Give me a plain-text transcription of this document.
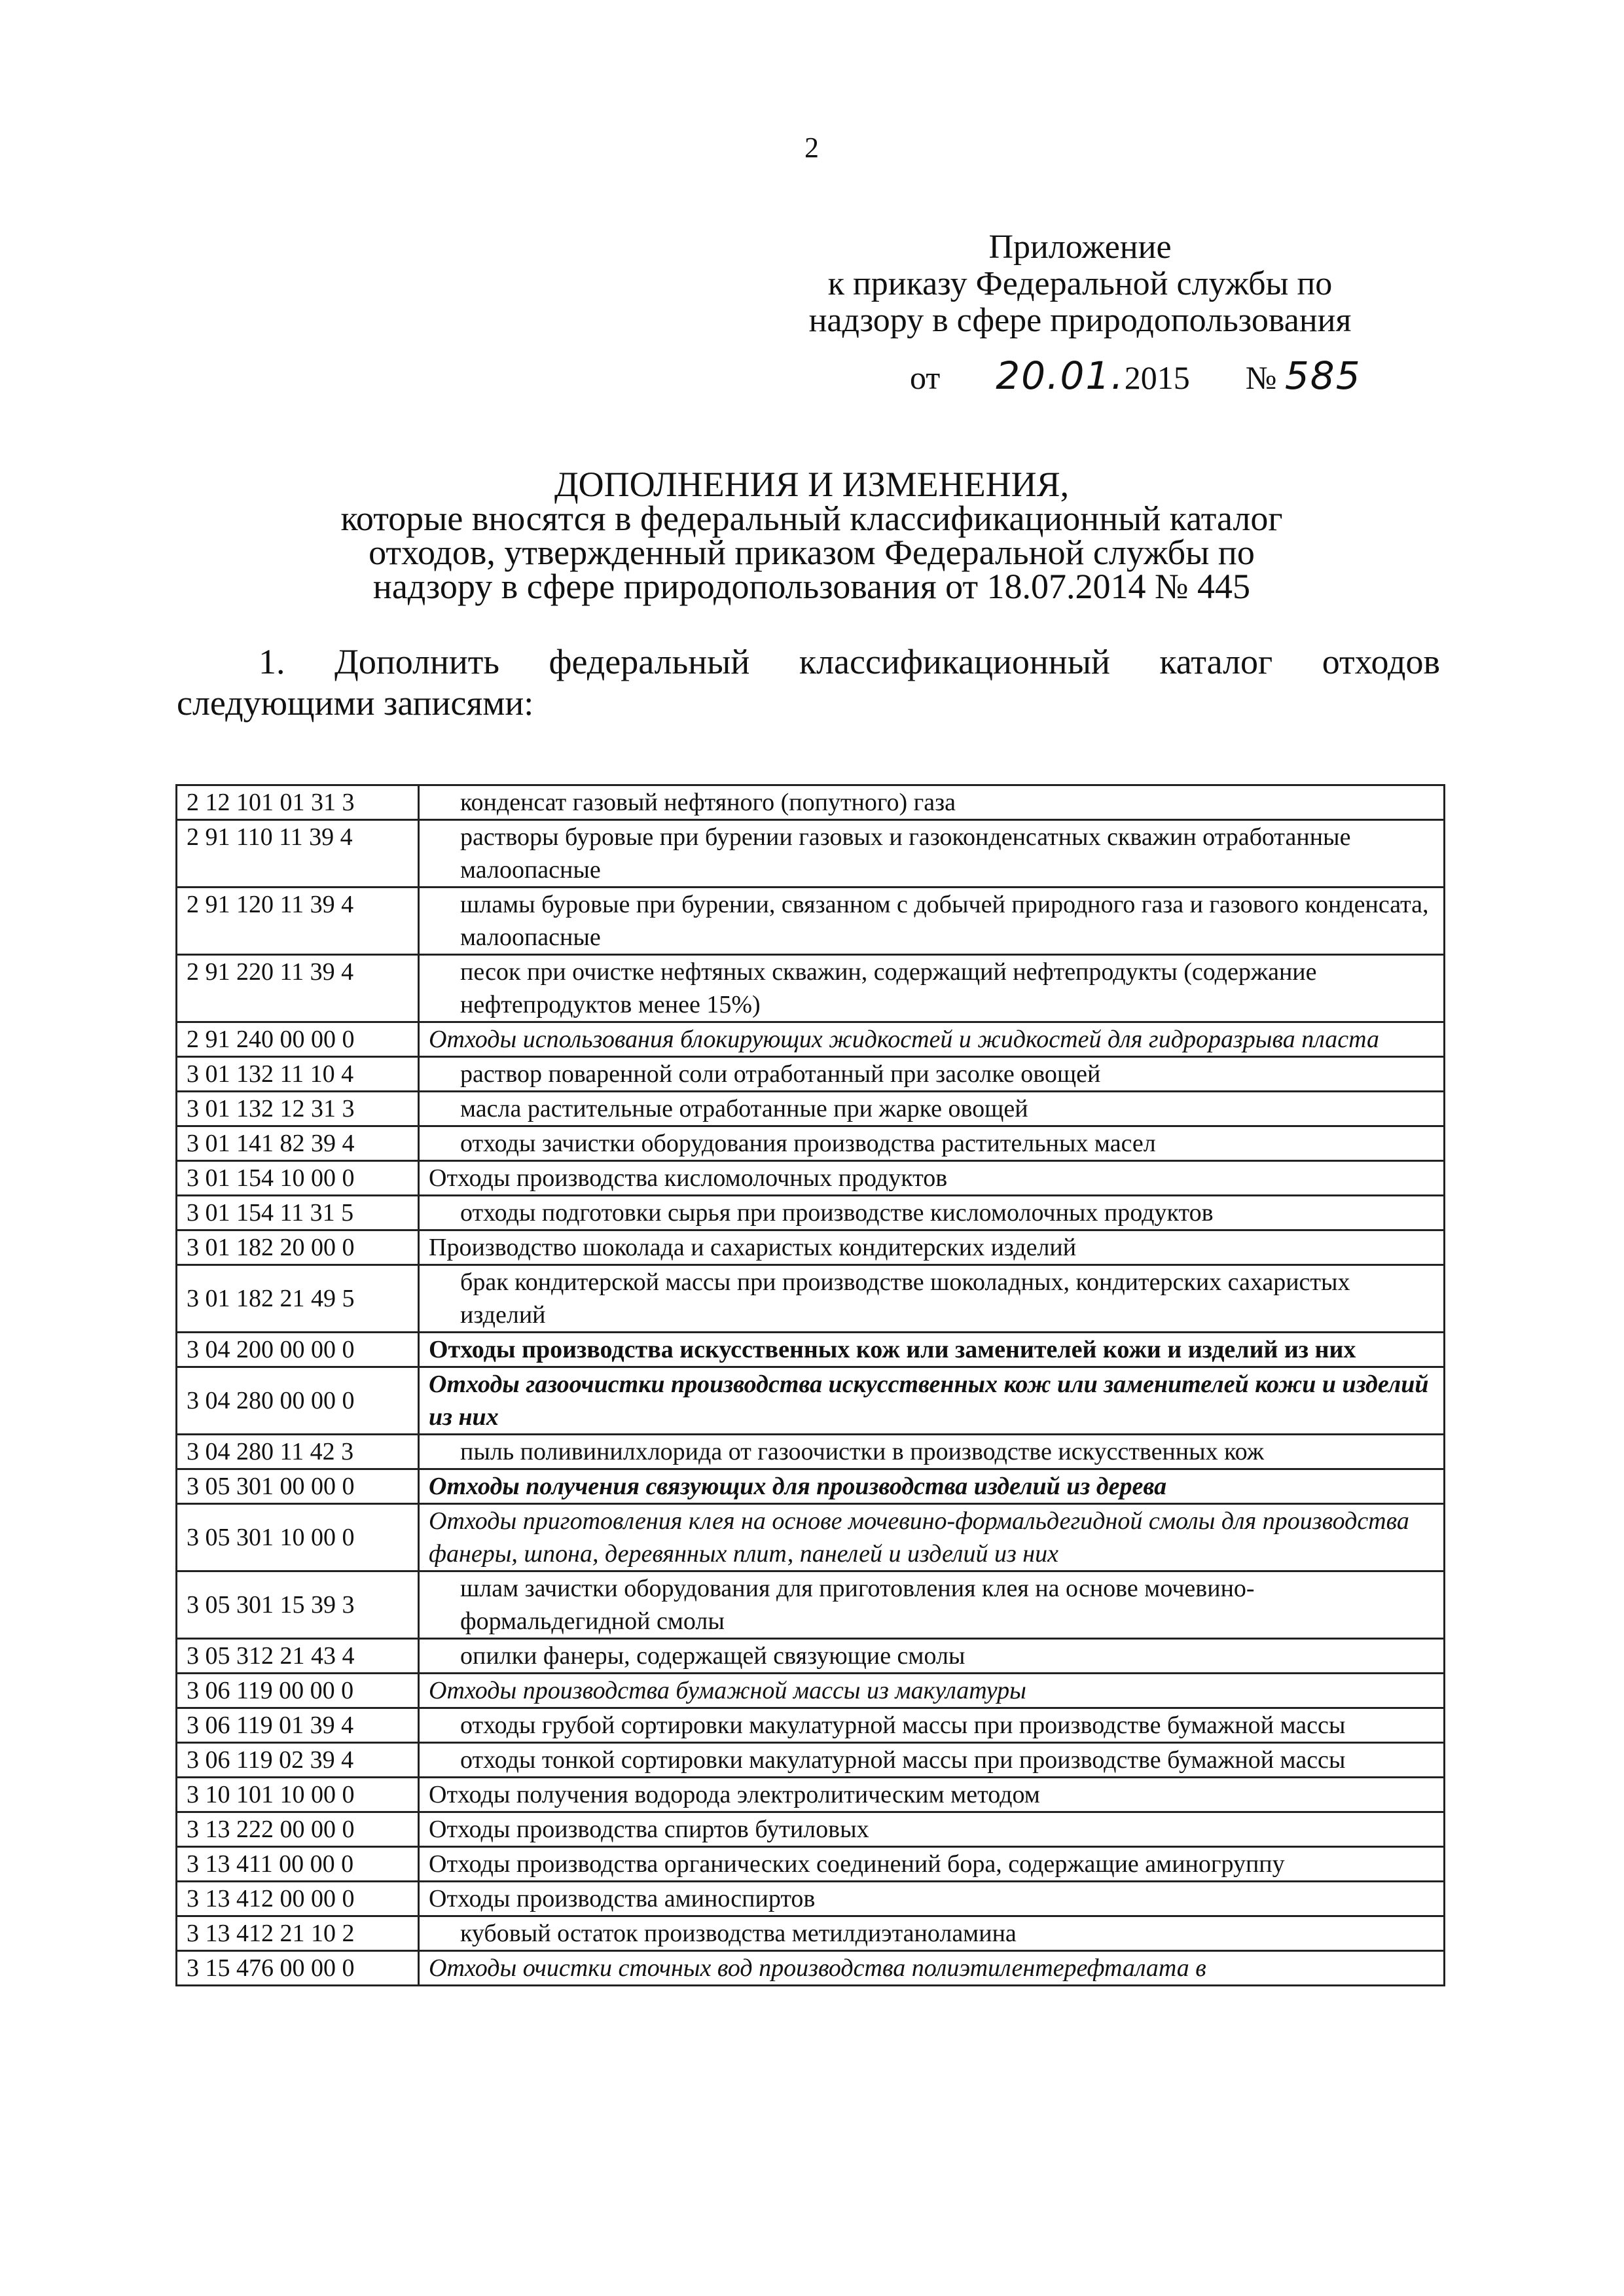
2
Приложение
к приказу Федеральной службы по
надзору в сфере природопользования
от 20.01.2015 № 585
ДОПОЛНЕНИЯ И ИЗМЕНЕНИЯ,
которые вносятся в федеральный классификационный каталог
отходов, утвержденный приказом Федеральной службы по
надзору в сфере природопользования от 18.07.2014 № 445
1. Дополнить федеральный классификационный каталог отходов
следующими записями:
2 12 101 01 31 3	конденсат газовый нефтяного (попутного) газа
2 91 110 11 39 4	растворы буровые при бурении газовых и газоконденсатных скважин отработанные малоопасные
2 91 120 11 39 4	шламы буровые при бурении, связанном с добычей природного газа и газового конденсата, малоопасные
2 91 220 11 39 4	песок при очистке нефтяных скважин, содержащий нефтепродукты (содержание нефтепродуктов менее 15%)
2 91 240 00 00 0	Отходы использования блокирующих жидкостей и жидкостей для гидроразрыва пласта
3 01 132 11 10 4	раствор поваренной соли отработанный при засолке овощей
3 01 132 12 31 3	масла растительные отработанные при жарке овощей
3 01 141 82 39 4	отходы зачистки оборудования производства растительных масел
3 01 154 10 00 0	Отходы производства кисломолочных продуктов
3 01 154 11 31 5	отходы подготовки сырья при производстве кисломолочных продуктов
3 01 182 20 00 0	Производство шоколада и сахаристых кондитерских изделий
3 01 182 21 49 5	брак кондитерской массы при производстве шоколадных, кондитерских сахаристых изделий
3 04 200 00 00 0	Отходы производства искусственных кож или заменителей кожи и изделий из них
3 04 280 00 00 0	Отходы газоочистки производства искусственных кож или заменителей кожи и изделий из них
3 04 280 11 42 3	пыль поливинилхлорида от газоочистки в производстве искусственных кож
3 05 301 00 00 0	Отходы получения связующих для производства изделий из дерева
3 05 301 10 00 0	Отходы приготовления клея на основе мочевино-формальдегидной смолы для производства фанеры, шпона, деревянных плит, панелей и изделий из них
3 05 301 15 39 3	шлам зачистки оборудования для приготовления клея на основе мочевино-формальдегидной смолы
3 05 312 21 43 4	опилки фанеры, содержащей связующие смолы
3 06 119 00 00 0	Отходы производства бумажной массы из макулатуры
3 06 119 01 39 4	отходы грубой сортировки макулатурной массы при производстве бумажной массы
3 06 119 02 39 4	отходы тонкой сортировки макулатурной массы при производстве бумажной массы
3 10 101 10 00 0	Отходы получения водорода электролитическим методом
3 13 222 00 00 0	Отходы производства спиртов бутиловых
3 13 411 00 00 0	Отходы производства органических соединений бора, содержащие аминогруппу
3 13 412 00 00 0	Отходы производства аминоспиртов
3 13 412 21 10 2	кубовый остаток производства метилдиэтаноламина
3 15 476 00 00 0	Отходы очистки сточных вод производства полиэтилентерефталата в
